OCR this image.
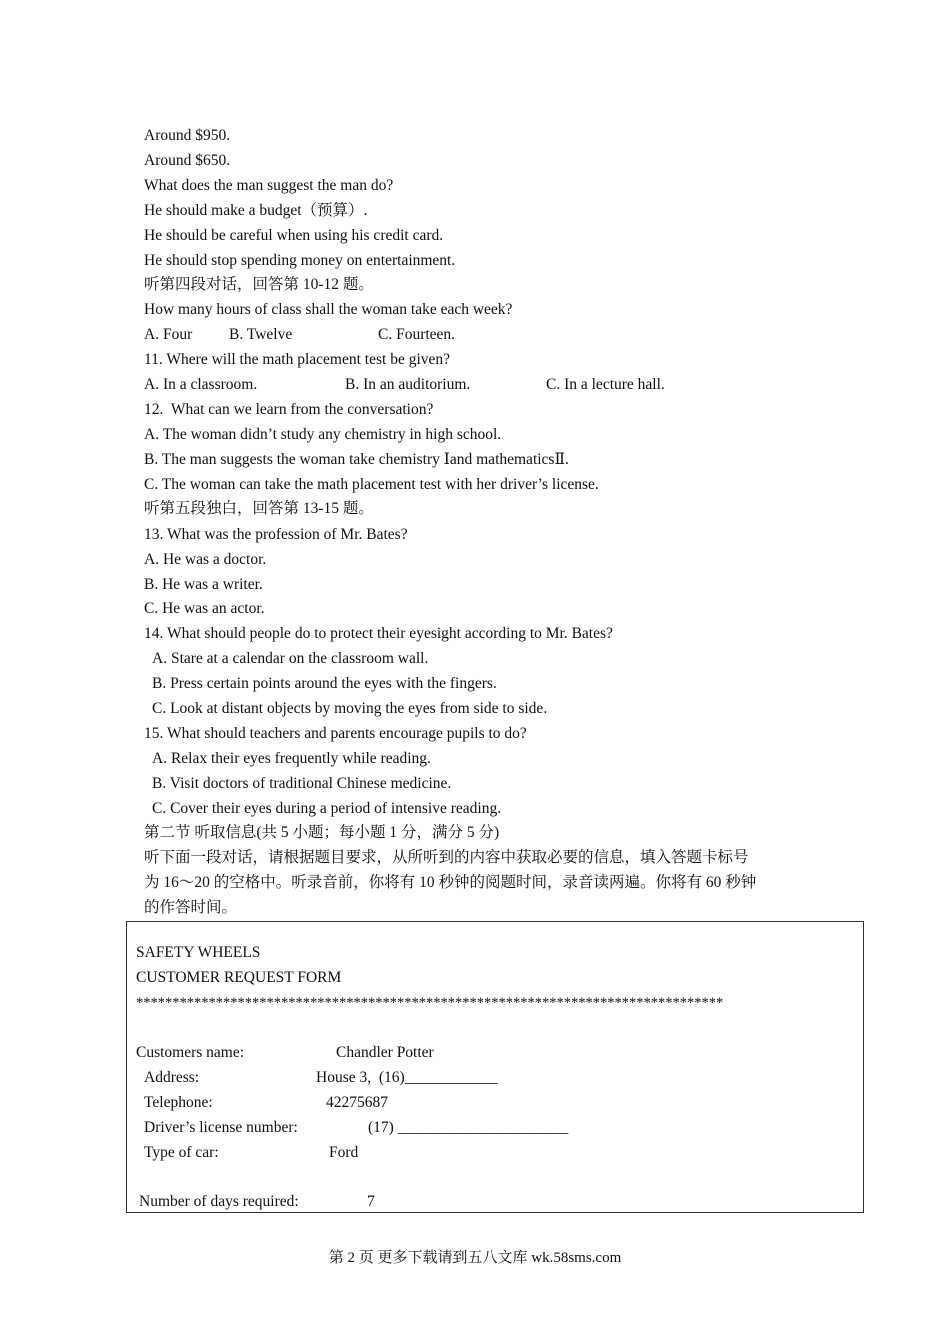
Around $950.
Around $650.
What does the man suggest the man do?
He should make a budget（预算）.
He should be careful when using his credit card.
He should stop spending money on entertainment.
听第四段对话，回答第 10-12 题。
How many hours of class shall the woman take each week?
A. Four B. Twelve	C. Fourteen.
11. Where will the math placement test be given?
A. In a classroom.	B. In an auditorium.	C. In a lecture hall.
12.  What can we learn from the conversation?
A. The woman didn’t study any chemistry in high school.
B. The man suggests the woman take chemistry Ⅰand mathematicsⅡ.
C. The woman can take the math placement test with her driver’s license.
听第五段独白，回答第 13-15 题。
13. What was the profession of Mr. Bates?
A. He was a doctor.
B. He was a writer.
C. He was an actor.
14. What should people do to protect their eyesight according to Mr. Bates?
A. Stare at a calendar on the classroom wall.
B. Press certain points around the eyes with the fingers.
C. Look at distant objects by moving the eyes from side to side.
15. What should teachers and parents encourage pupils to do?
A. Relax their eyes frequently while reading.
B. Visit doctors of traditional Chinese medicine.
C. Cover their eyes during a period of intensive reading.
第二节 听取信息(共 5 小题；每小题 1 分，满分 5 分)
听下面一段对话，请根据题目要求，从所听到的内容中获取必要的信息，填入答题卡标号
为 16～20 的空格中。听录音前，你将有 10 秒钟的阅题时间，录音读两遍。你将有 60 秒钟
的作答时间。
SAFETY WHEELS
CUSTOMER REQUEST FORM
*********************************************************************************
Customers name:	Chandler Potter
Address:	House 3,  (16)____________
Telephone:	42275687
Driver’s license number:	(17) ______________________
Type of car:	Ford
Number of days required:	7
第 2 页 更多下载请到五八文库 wk.58sms.com
